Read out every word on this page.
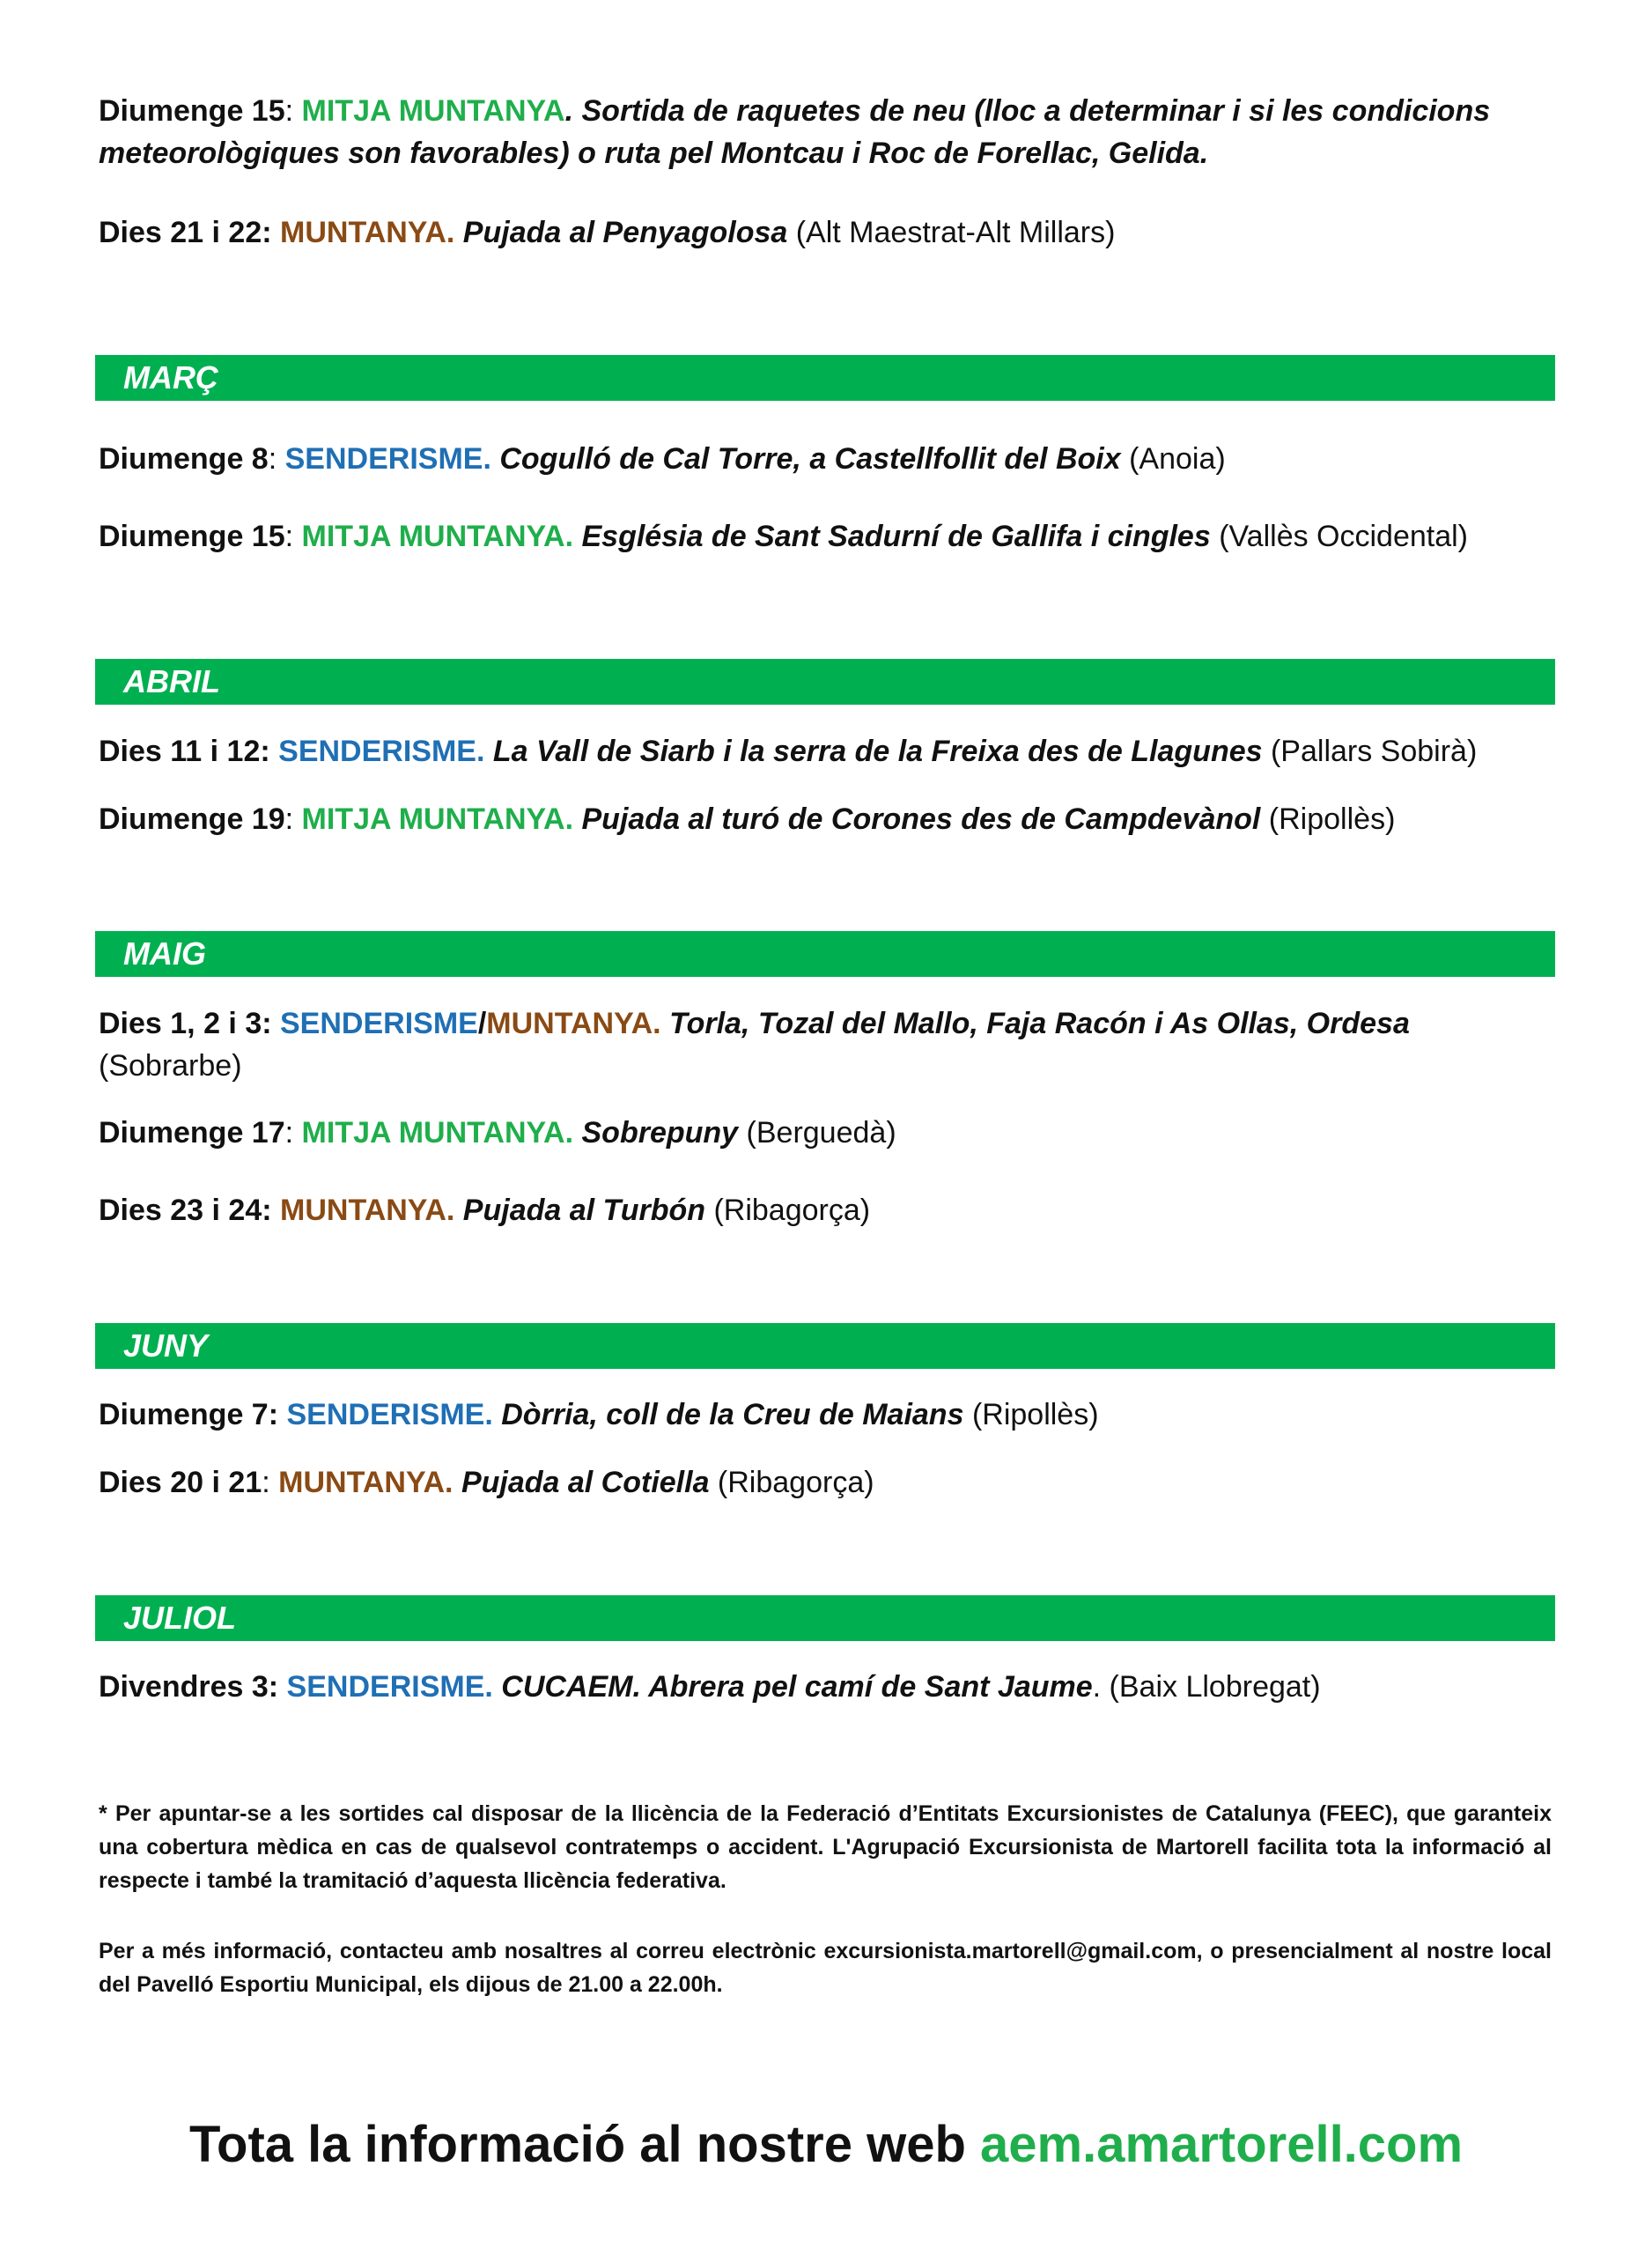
Diumenge 15: MITJA MUNTANYA. Sortida de raquetes de neu (lloc a determinar i si les condicions meteorològiques son favorables) o ruta pel Montcau i Roc de Forellac, Gelida.

Dies 21 i 22: MUNTANYA. Pujada al Penyagolosa (Alt Maestrat-Alt Millars)

MARÇ

Diumenge 8: SENDERISME. Cogulló de Cal Torre, a Castellfollit del Boix (Anoia)

Diumenge 15: MITJA MUNTANYA. Església de Sant Sadurní de Gallifa i cingles (Vallès Occidental)

ABRIL

Dies 11 i 12: SENDERISME. La Vall de Siarb i la serra de la Freixa des de Llagunes (Pallars Sobirà)

Diumenge 19: MITJA MUNTANYA. Pujada al turó de Corones des de Campdevànol (Ripollès)

MAIG

Dies 1, 2 i 3: SENDERISME/MUNTANYA. Torla, Tozal del Mallo, Faja Racón i As Ollas, Ordesa (Sobrarbe)

Diumenge 17: MITJA MUNTANYA. Sobrepuny (Berguedà)

Dies 23 i 24: MUNTANYA. Pujada al Turbón (Ribagorça)

JUNY

Diumenge 7: SENDERISME. Dòrria, coll de la Creu de Maians (Ripollès)

Dies 20 i 21: MUNTANYA. Pujada al Cotiella (Ribagorça)

JULIOL

Divendres 3: SENDERISME. CUCAEM. Abrera pel camí de Sant Jaume. (Baix Llobregat)

* Per apuntar-se a les sortides cal disposar de la llicència de la Federació d’Entitats Excursionistes de Catalunya (FEEC), que garanteix una cobertura mèdica en cas de qualsevol contratemps o accident. L'Agrupació Excursionista de Martorell facilita tota la informació al respecte i també la tramitació d’aquesta llicència federativa.

Per a més informació, contacteu amb nosaltres al correu electrònic excursionista.martorell@gmail.com, o presencialment al nostre local del Pavelló Esportiu Municipal, els dijous de 21.00 a 22.00h.

Tota la informació al nostre web aem.amartorell.com
